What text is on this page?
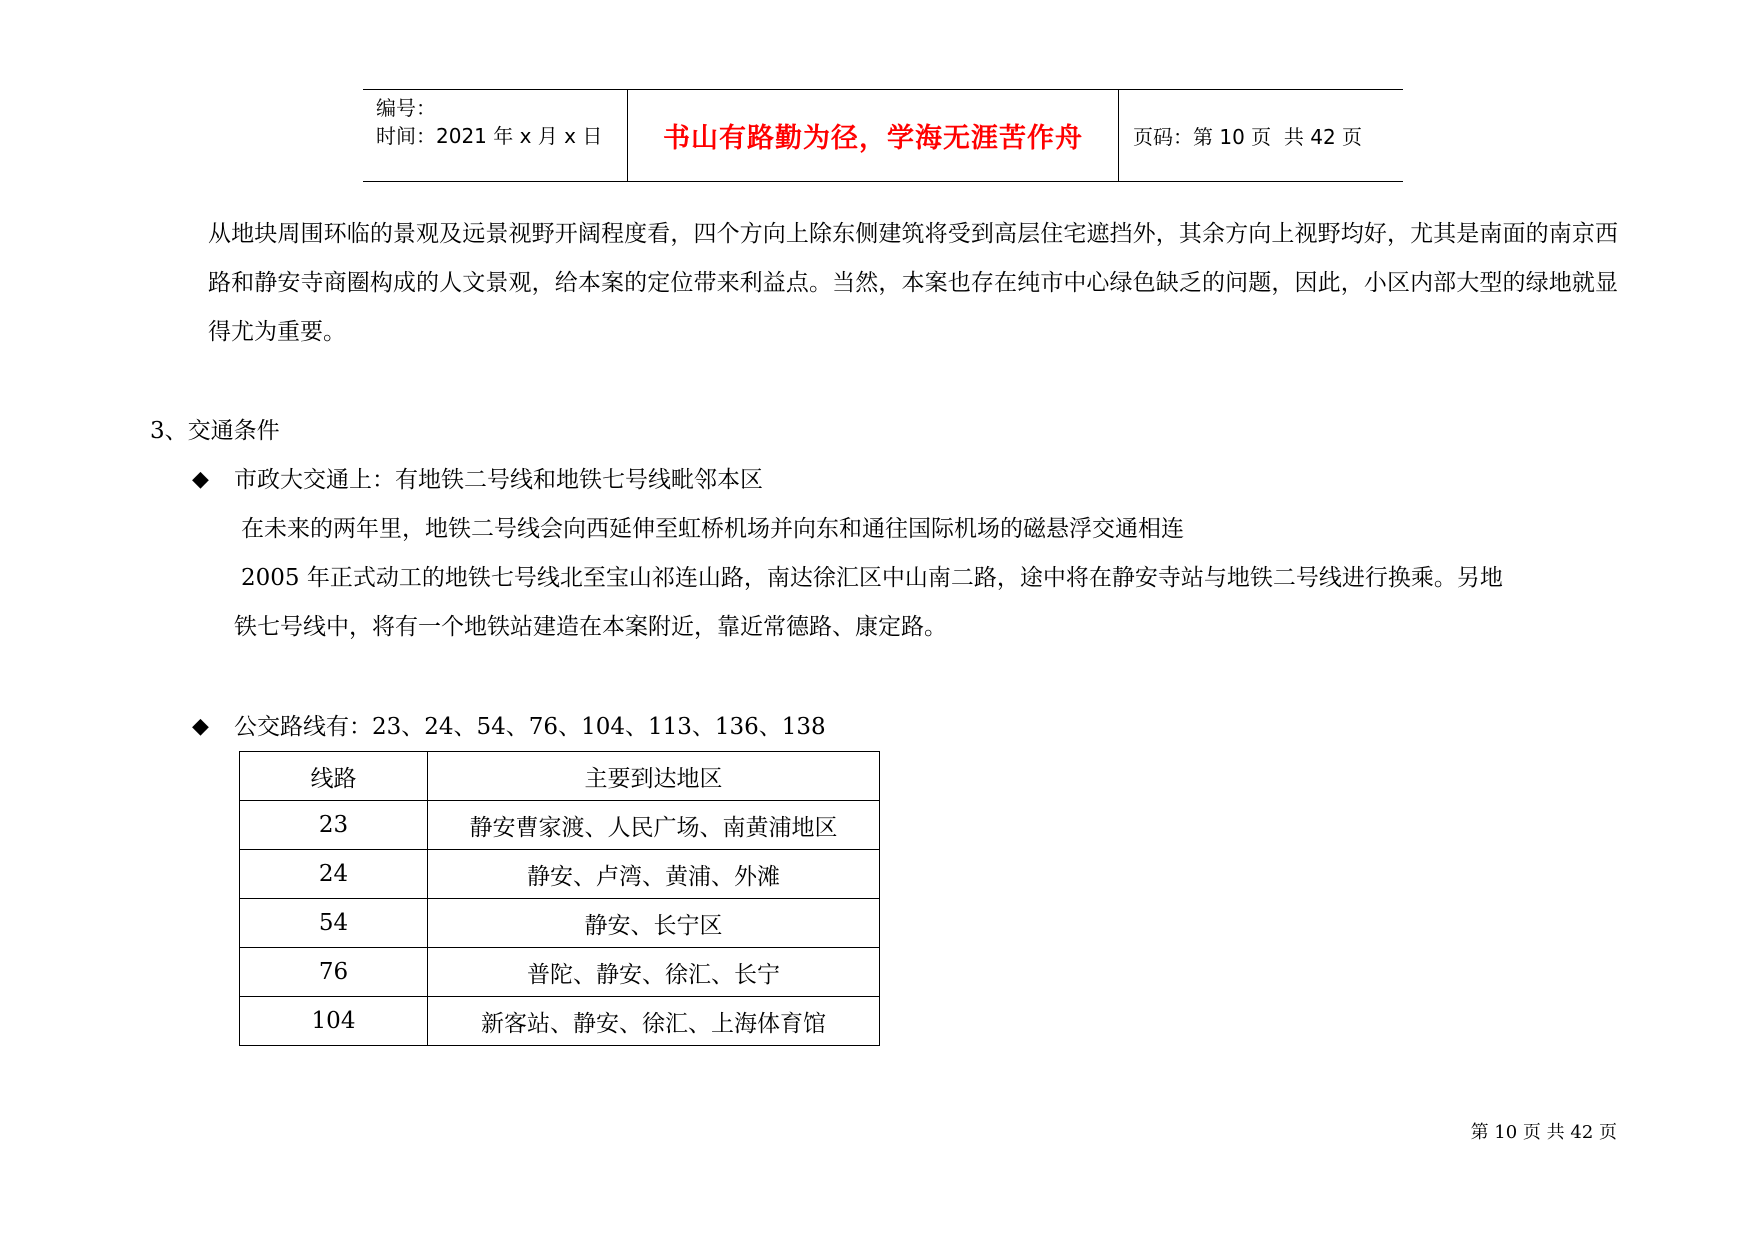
编号：
时间：2021 年 x 月 x 日	书山有路勤为径，学海无涯苦作舟	页码：第 10 页  共 42 页
从地块周围环临的景观及远景视野开阔程度看，四个方向上除东侧建筑将受到高层住宅遮挡外，其余方向上视野均好，尤其是南面的南京西路和静安寺商圈构成的人文景观，给本案的定位带来利益点。当然，本案也存在纯市中心绿色缺乏的问题，因此，小区内部大型的绿地就显得尤为重要。
3、交通条件
◆ 市政大交通上：有地铁二号线和地铁七号线毗邻本区
在未来的两年里，地铁二号线会向西延伸至虹桥机场并向东和通往国际机场的磁悬浮交通相连
2005 年正式动工的地铁七号线北至宝山祁连山路，南达徐汇区中山南二路，途中将在静安寺站与地铁二号线进行换乘。另地
铁七号线中，将有一个地铁站建造在本案附近，靠近常德路、康定路。
◆ 公交路线有：23、24、54、76、104、113、136、138
线路	主要到达地区
23	静安曹家渡、人民广场、南黄浦地区
24	静安、卢湾、黄浦、外滩
54	静安、长宁区
76	普陀、静安、徐汇、长宁
104	新客站、静安、徐汇、上海体育馆
第 10 页 共 42 页
